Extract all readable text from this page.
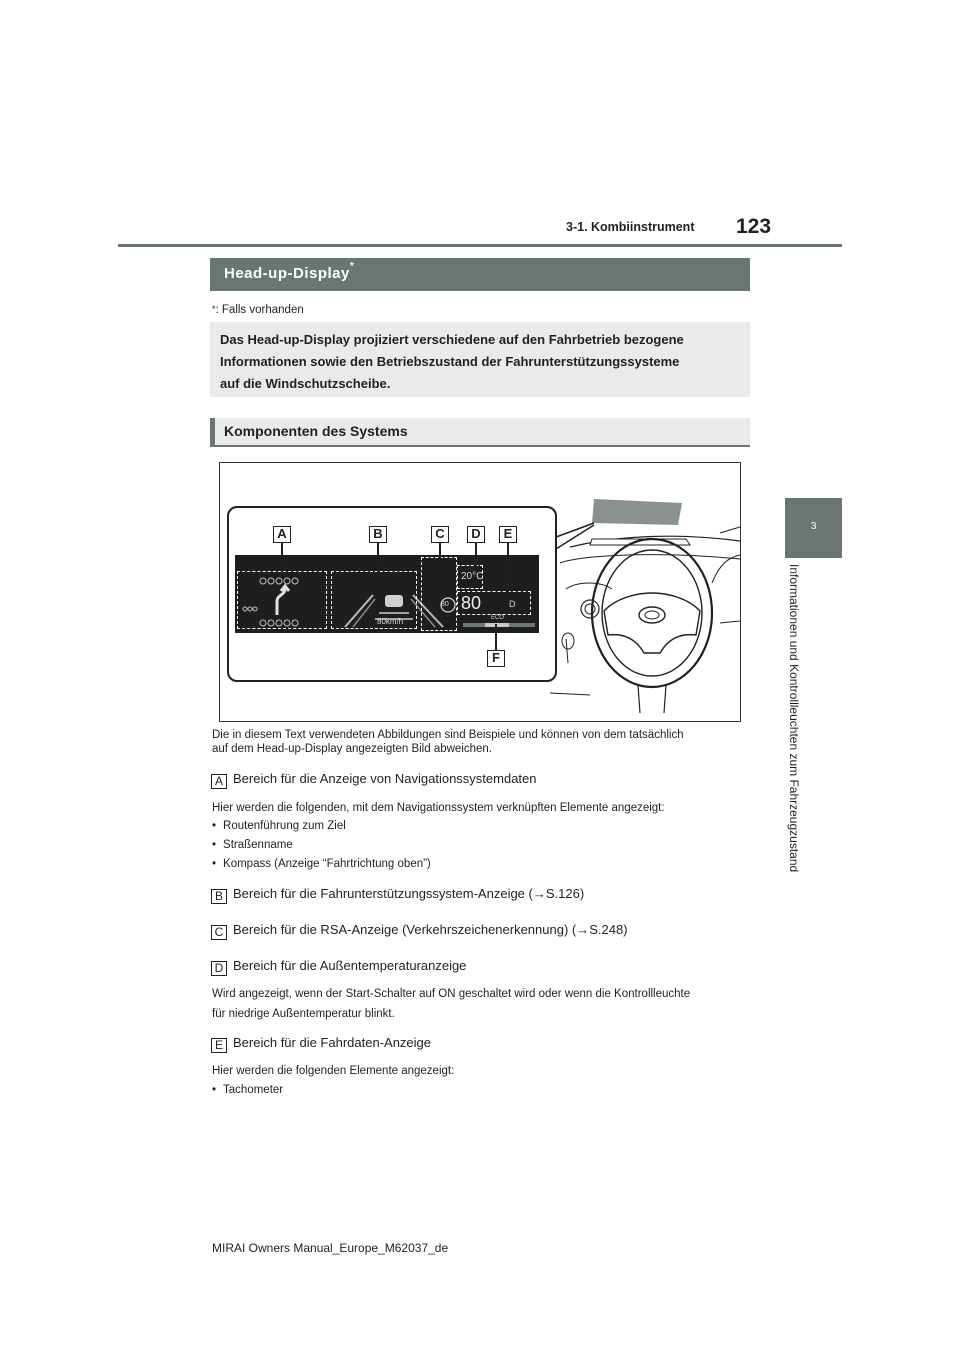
3-1. Kombiinstrument 123
3
Informationen und Kontrollleuchten zum Fahrzeugzustand
Head-up-Display*
*: Falls vorhanden

Das Head-up-Display projiziert verschiedene auf den Fahrbetrieb bezogene

Informationen sowie den Betriebszustand der Fahrunterstützungssysteme

auf die Windschutzscheibe.

Komponenten des Systems
80
20°C
80	D
80km/h	ECO
A	B	C	D	E
F
Die in diesem Text verwendeten Abbildungen sind Beispiele und können von dem tatsächlich
auf dem Head-up-Display angezeigten Bild abweichen.
A Bereich für die Anzeige von Navigationssystemdaten
Hier werden die folgenden, mit dem Navigationssystem verknüpften Elemente angezeigt:
• Routenführung zum Ziel
• Straßenname
• Kompass (Anzeige “Fahrtrichtung oben”)
B Bereich für die Fahrunterstützungssystem-Anzeige (→S.126)
C Bereich für die RSA-Anzeige (Verkehrszeichenerkennung) (→S.248)
D Bereich für die Außentemperaturanzeige
Wird angezeigt, wenn der Start-Schalter auf ON geschaltet wird oder wenn die Kontrollleuchte
für niedrige Außentemperatur blinkt.
E Bereich für die Fahrdaten-Anzeige
Hier werden die folgenden Elemente angezeigt:
• Tachometer
MIRAI Owners Manual_Europe_M62037_de
